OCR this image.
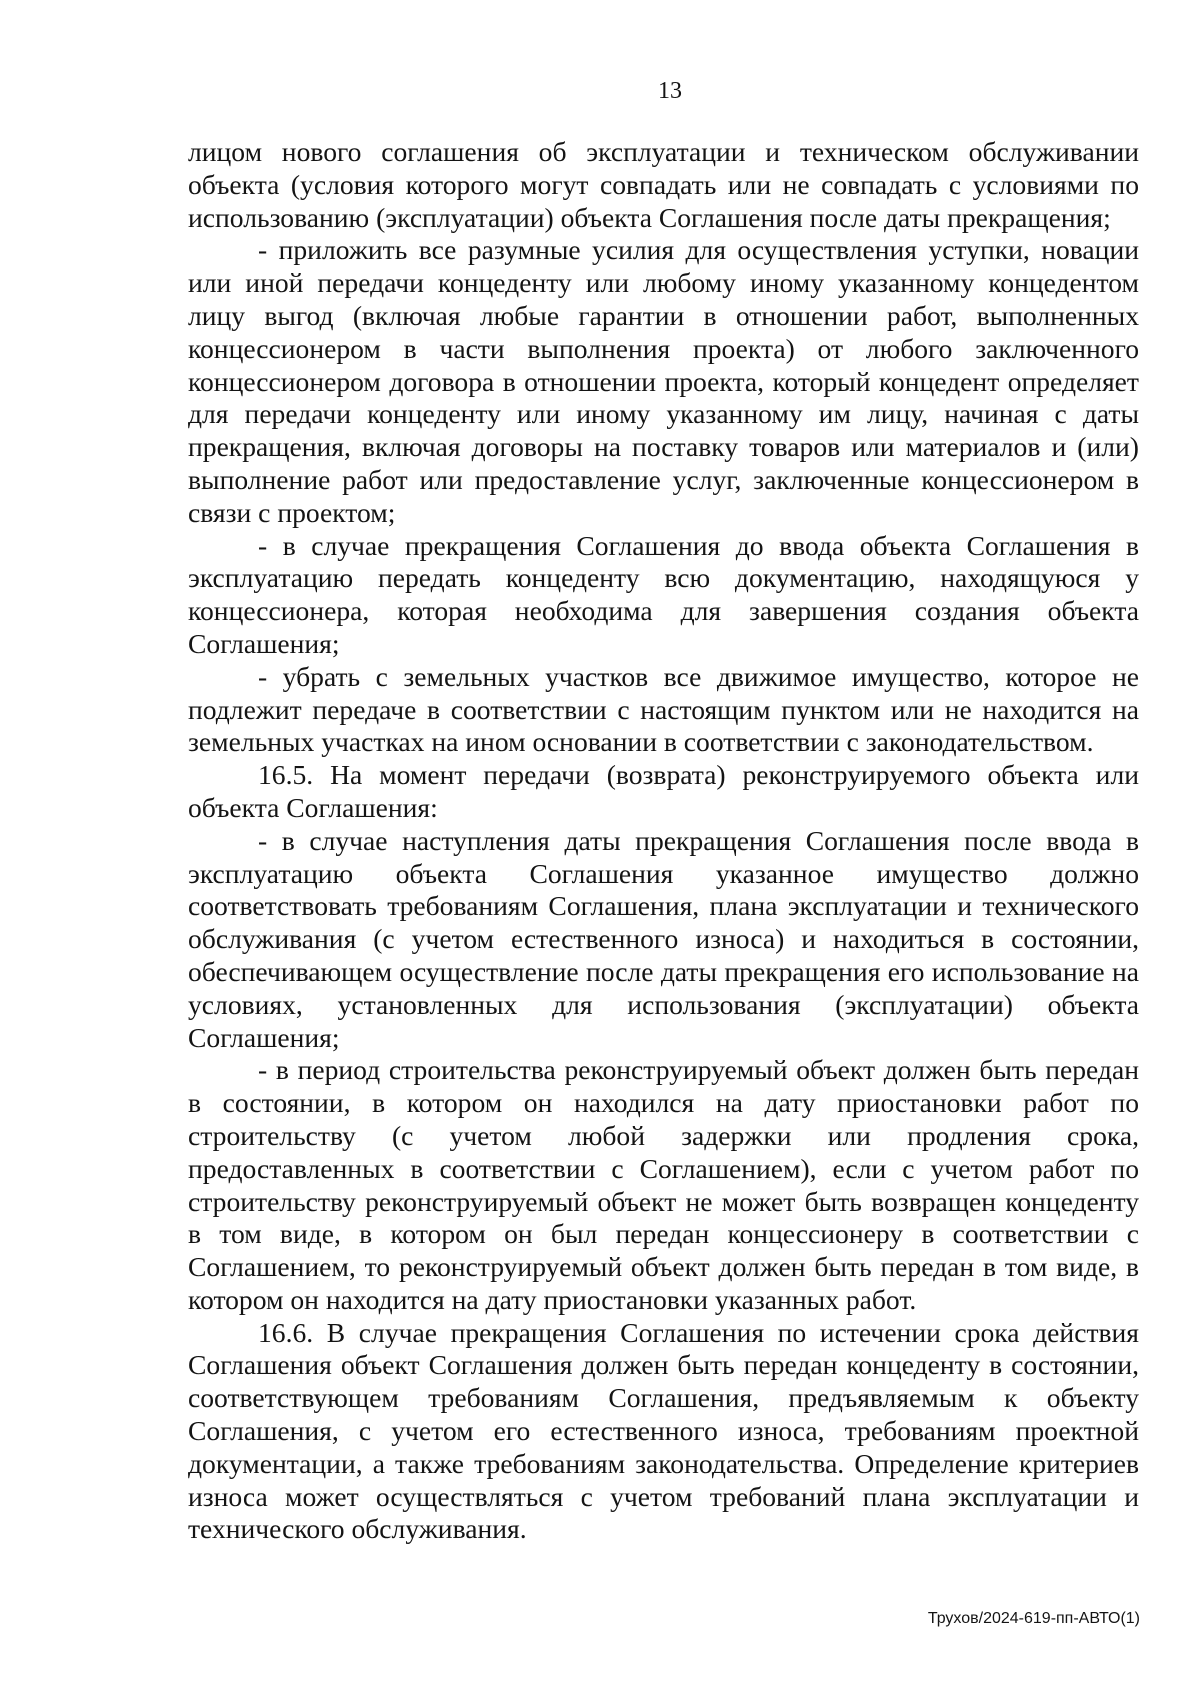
13

лицом нового соглашения об эксплуатации и техническом обслуживании объекта (условия которого могут совпадать или не совпадать с условиями по использованию (эксплуатации) объекта Соглашения после даты прекращения;

- приложить все разумные усилия для осуществления уступки, новации или иной передачи концеденту или любому иному указанному концедентом лицу выгод (включая любые гарантии в отношении работ, выполненных концессионером в части выполнения проекта) от любого заключенного концессионером договора в отношении проекта, который концедент определяет для передачи концеденту или иному указанному им лицу, начиная с даты прекращения, включая договоры на поставку товаров или материалов и (или) выполнение работ или предоставление услуг, заключенные концессионером в связи с проектом;

- в случае прекращения Соглашения до ввода объекта Соглашения в эксплуатацию передать концеденту всю документацию, находящуюся у концессионера, которая необходима для завершения создания объекта Соглашения;

- убрать с земельных участков все движимое имущество, которое не подлежит передаче в соответствии с настоящим пунктом или не находится на земельных участках на ином основании в соответствии с законодательством.

16.5. На момент передачи (возврата) реконструируемого объекта или объекта Соглашения:

- в случае наступления даты прекращения Соглашения после ввода в эксплуатацию объекта Соглашения указанное имущество должно соответствовать требованиям Соглашения, плана эксплуатации и технического обслуживания (с учетом естественного износа) и находиться в состоянии, обеспечивающем осуществление после даты прекращения его использование на условиях, установленных для использования (эксплуатации) объекта Соглашения;

- в период строительства реконструируемый объект должен быть передан в состоянии, в котором он находился на дату приостановки работ по строительству (с учетом любой задержки или продления срока, предоставленных в соответствии с Соглашением), если с учетом работ по строительству реконструируемый объект не может быть возвращен концеденту в том виде, в котором он был передан концессионеру в соответствии с Соглашением, то реконструируемый объект должен быть передан в том виде, в котором он находится на дату приостановки указанных работ.

16.6. В случае прекращения Соглашения по истечении срока действия Соглашения объект Соглашения должен быть передан концеденту в состоянии, соответствующем требованиям Соглашения, предъявляемым к объекту Соглашения, с учетом его естественного износа, требованиям проектной документации, а также требованиям законодательства. Определение критериев износа может осуществляться с учетом требований плана эксплуатации и технического обслуживания.

Трухов/2024-619-пп-АВТО(1)
